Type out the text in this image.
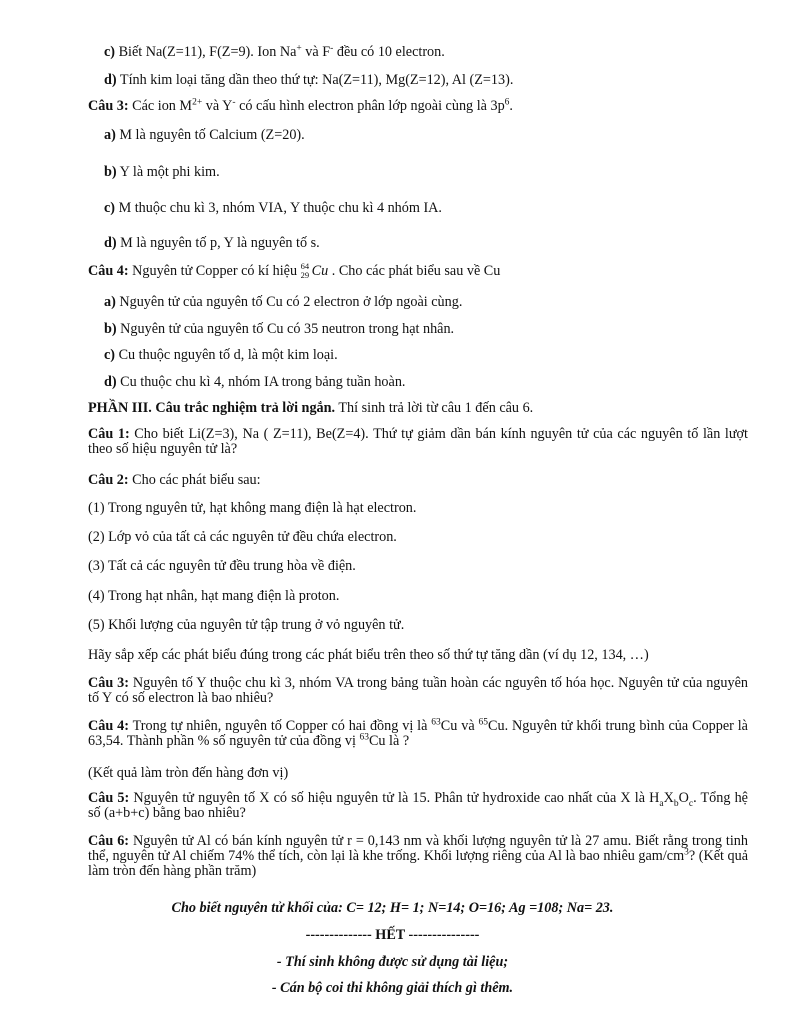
c) Biết Na(Z=11), F(Z=9). Ion Na+ và F- đều có 10 electron.
d) Tính kim loại tăng dần theo thứ tự: Na(Z=11), Mg(Z=12), Al (Z=13).
Câu 3: Các ion $M^{2+}$ và Y- có cấu hình electron phân lớp ngoài cùng là $3p^6$.
a) M là nguyên tố Calcium (Z=20).
b) Y là một phi kim.
c) M thuộc chu kì 3, nhóm VIA, Y thuộc chu kì 4 nhóm IA.
d) M là nguyên tố p, Y là nguyên tố s.
Câu 4: Nguyên tử Copper có kí hiệu 64
29 Cu . Cho các phát biểu sau về Cu
a) Nguyên tử của nguyên tố Cu có 2 electron ở lớp ngoài cùng.
b) Nguyên tử của nguyên tố Cu có 35 neutron trong hạt nhân.
c) Cu thuộc nguyên tố d, là một kim loại.
d) Cu thuộc chu kì 4, nhóm IA trong bảng tuần hoàn.
PHẦN III. Câu trắc nghiệm trả lời ngắn. Thí sinh trả lời từ câu 1 đến câu 6.
Câu 1: Cho biết Li(Z=3), Na ( Z=11), Be(Z=4). Thứ tự giảm dần bán kính nguyên tử của các nguyên tố lần lượt theo số hiệu nguyên tử là?
Câu 2: Cho các phát biểu sau:
(1) Trong nguyên tử, hạt không mang điện là hạt electron.
(2) Lớp vỏ của tất cả các nguyên tử đều chứa electron.
(3) Tất cả các nguyên tử đều trung hòa về điện.
(4) Trong hạt nhân, hạt mang điện là proton.
(5) Khối lượng của nguyên tử tập trung ở vỏ nguyên tử.
Hãy sắp xếp các phát biểu đúng trong các phát biểu trên theo số thứ tự tăng dần (ví dụ 12, 134, …)
Câu 3: Nguyên tố Y thuộc chu kì 3, nhóm VA trong bảng tuần hoàn các nguyên tố hóa học. Nguyên tử của nguyên tố Y có số electron là bao nhiêu?
Câu 4: Trong tự nhiên, nguyên tố Copper có hai đồng vị là $^{63}$Cu và $^{65}$Cu. Nguyên tử khối trung bình của Copper là 63,54. Thành phần % số nguyên tử của đồng vị $^{63}$Cu là ?
(Kết quả làm tròn đến hàng đơn vị)
Câu 5: Nguyên tử nguyên tố X có số hiệu nguyên tử là 15. Phân tử hydroxide cao nhất của X là $H_aX_bO_c$. Tổng hệ số (a+b+c) bằng bao nhiêu?
Câu 6: Nguyên tử Al có bán kính nguyên tử r = 0,143 nm và khối lượng nguyên tử là 27 amu. Biết rằng trong tinh thể, nguyên tử Al chiếm 74% thể tích, còn lại là khe trống. Khối lượng riêng của Al là bao nhiêu gam/$cm^3$? (Kết quả làm tròn đến hàng phần trăm)
Cho biết nguyên tử khối của: C= 12; H= 1; N=14; O=16; Ag =108; Na= 23.
-------------- HẾT ---------------
- Thí sinh không được sử dụng tài liệu;
- Cán bộ coi thi không giải thích gì thêm.
